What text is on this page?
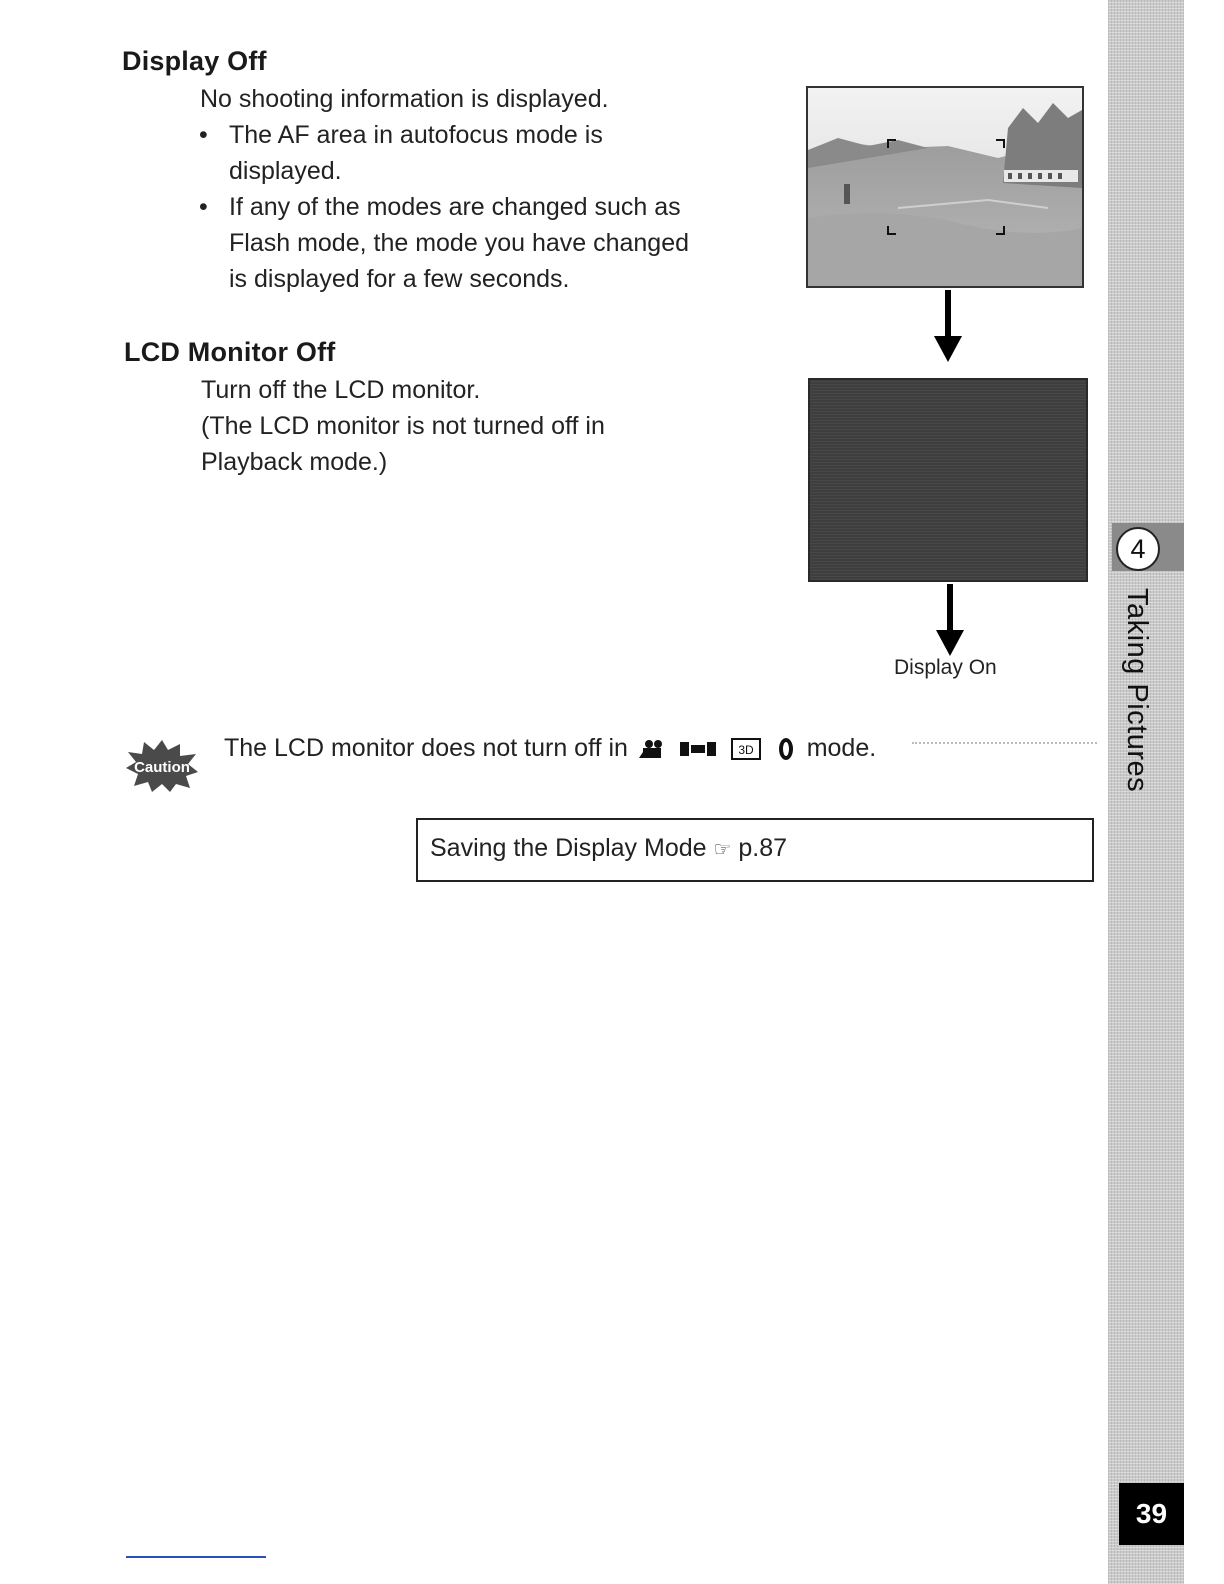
Display Off
No shooting information is displayed.
• The AF area in autofocus mode is
displayed.
• If any of the modes are changed such as
Flash mode, the mode you have changed
is displayed for a few seconds.
LCD Monitor Off
Turn off the LCD monitor.
(The LCD monitor is not turned off in
Playback mode.)
Display On
Caution
The LCD monitor does not turn off in	3D mode.
Saving the Display Mode ☞ p.87
4
Taking Pictures
39
